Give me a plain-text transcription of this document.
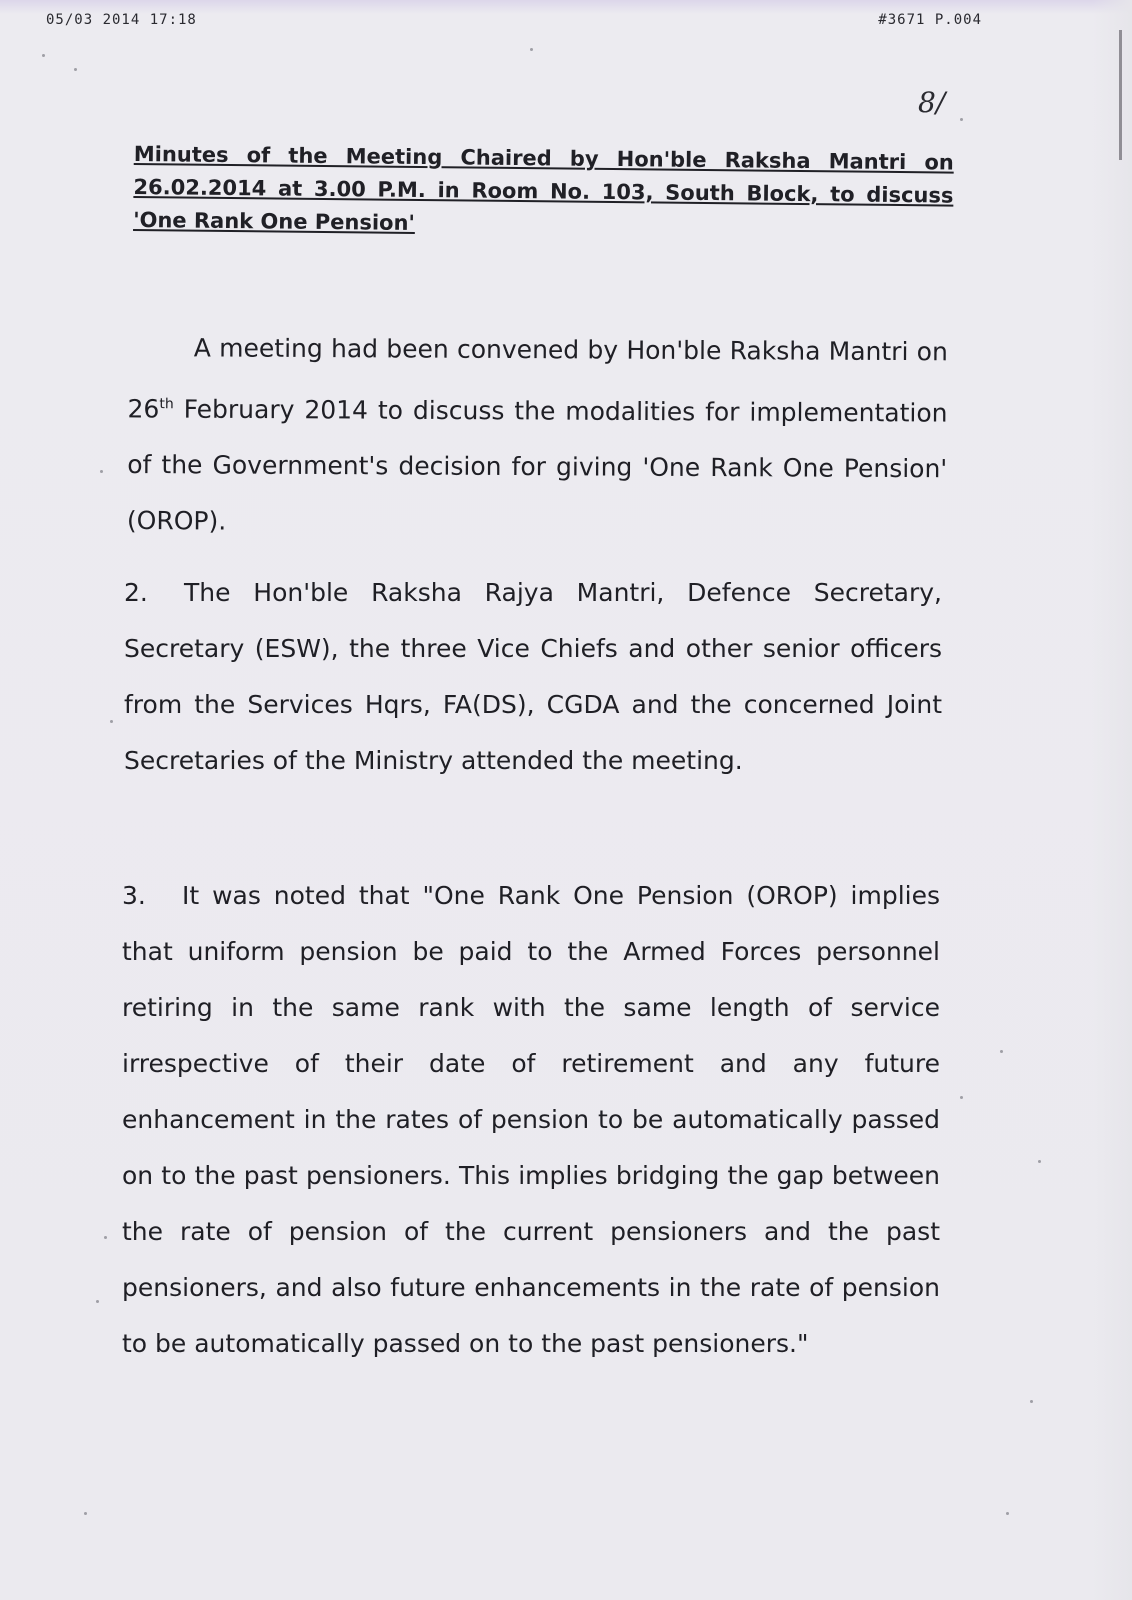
05/03 2014 17:18	#3671 P.004
8/
Minutes of the Meeting Chaired by Hon'ble Raksha Mantri on 26.02.2014 at 3.00 P.M. in Room No. 103, South Block, to discuss 'One Rank One Pension'
A meeting had been convened by Hon'ble Raksha Mantri on 26th February 2014 to discuss the modalities for implementation of the Government's decision for giving 'One Rank One Pension' (OROP).
2. The Hon'ble Raksha Rajya Mantri, Defence Secretary, Secretary (ESW), the three Vice Chiefs and other senior officers from the Services Hqrs, FA(DS), CGDA and the concerned Joint Secretaries of the Ministry attended the meeting.
3. It was noted that "One Rank One Pension (OROP) implies that uniform pension be paid to the Armed Forces personnel retiring in the same rank with the same length of service irrespective of their date of retirement and any future enhancement in the rates of pension to be automatically passed on to the past pensioners. This implies bridging the gap between the rate of pension of the current pensioners and the past pensioners, and also future enhancements in the rate of pension to be automatically passed on to the past pensioners."
